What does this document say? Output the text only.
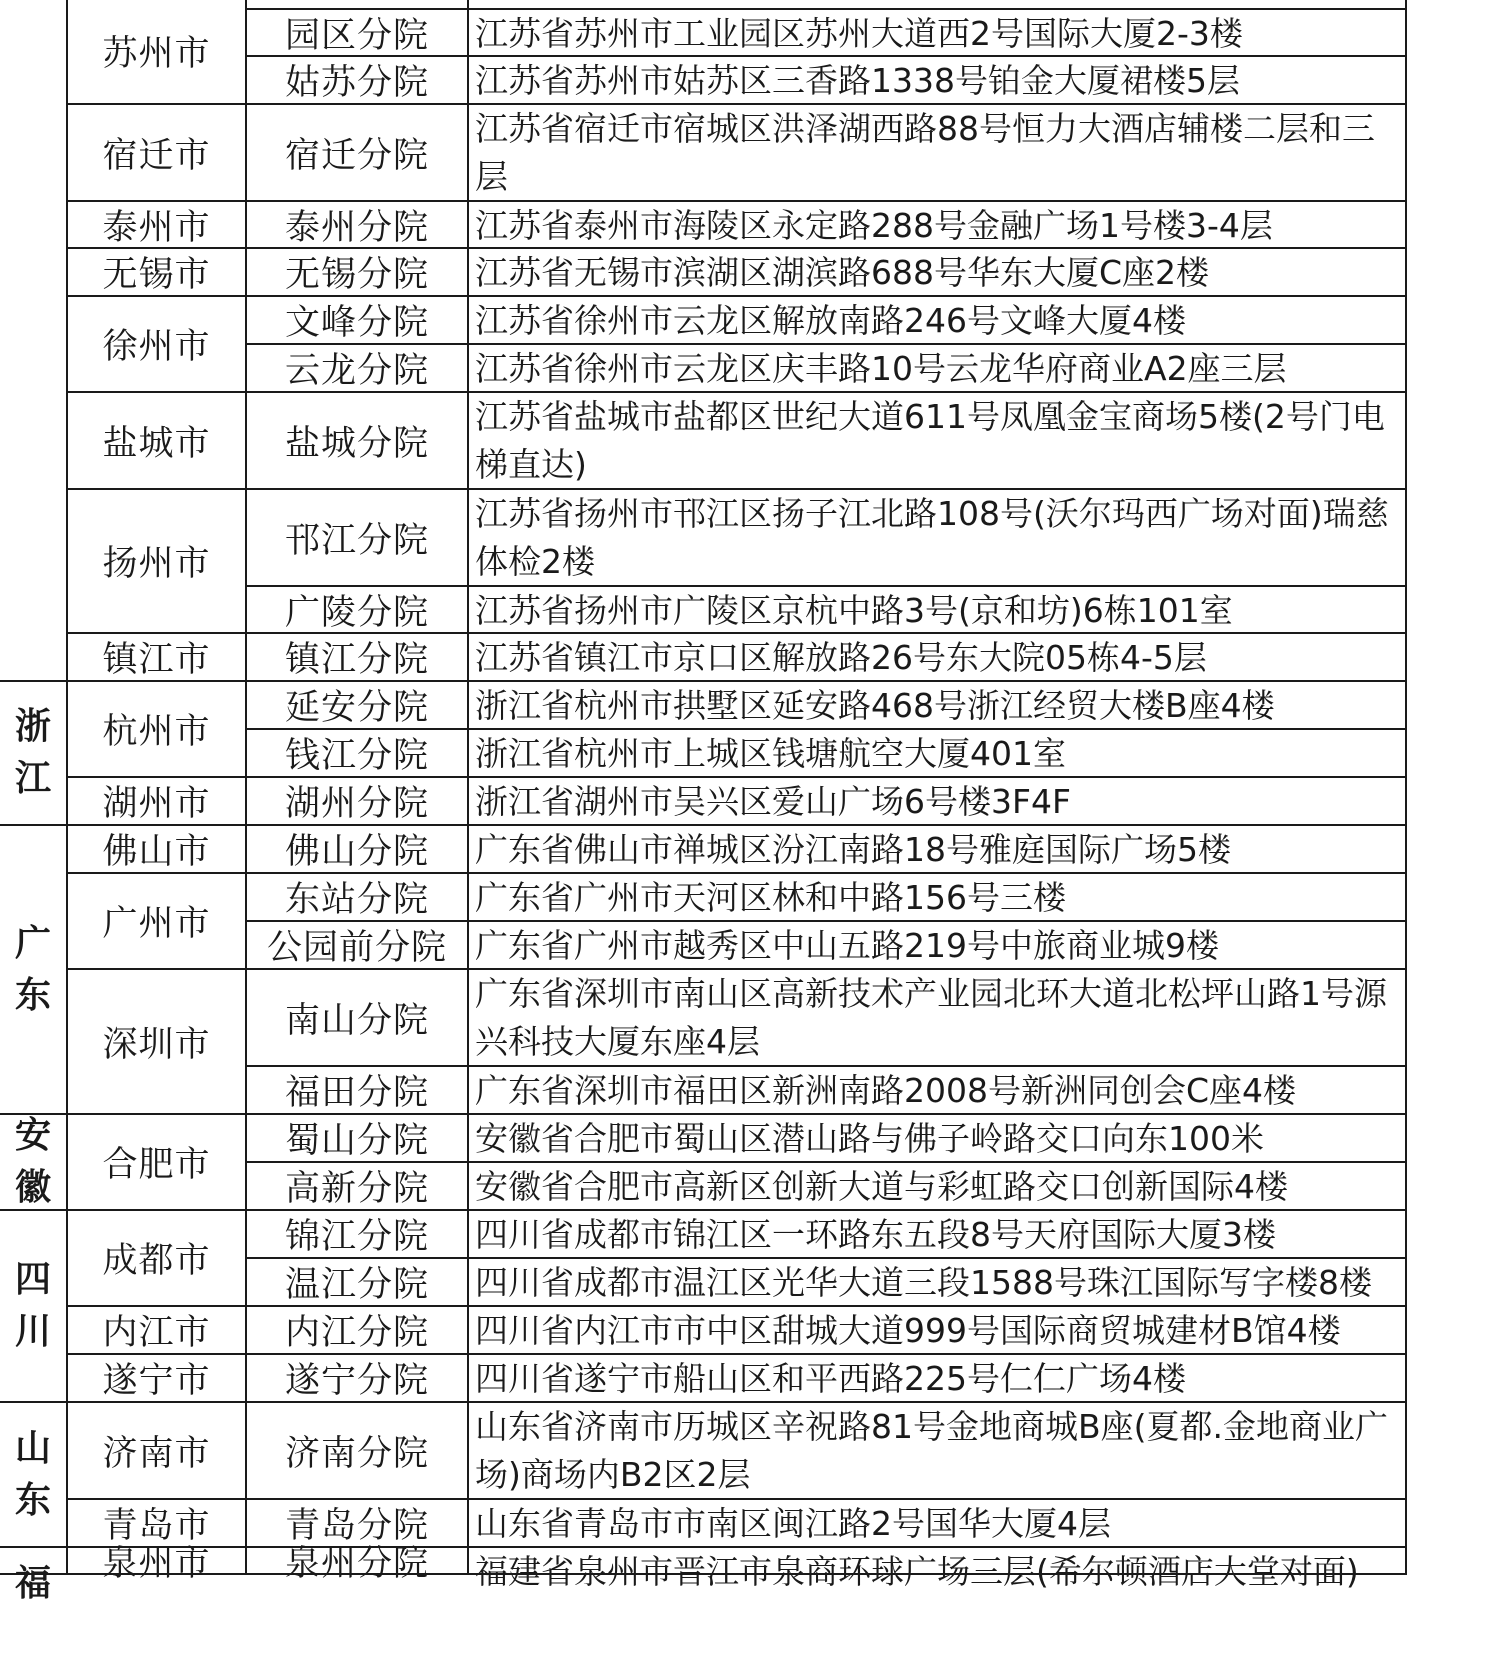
园区分院 江苏省苏州市工业园区苏州大道西2号国际大厦2-3楼
姑苏分院 江苏省苏州市姑苏区三香路1338号铂金大厦裙楼5层
宿迁分院
江苏省宿迁市宿城区洪泽湖西路88号恒力大酒店辅楼二层和三层
泰州分院 江苏省泰州市海陵区永定路288号金融广场1号楼3-4层
无锡分院 江苏省无锡市滨湖区湖滨路688号华东大厦C座2楼
文峰分院 江苏省徐州市云龙区解放南路246号文峰大厦4楼
云龙分院 江苏省徐州市云龙区庆丰路10号云龙华府商业A2座三层
盐城分院
江苏省盐城市盐都区世纪大道611号凤凰金宝商场5楼(2号门电梯直达)
邗江分院
江苏省扬州市邗江区扬子江北路108号(沃尔玛西广场对面)瑞慈体检2楼
广陵分院 江苏省扬州市广陵区京杭中路3号(京和坊)6栋101室
镇江分院 江苏省镇江市京口区解放路26号东大院05栋4-5层
延安分院 浙江省杭州市拱墅区延安路468号浙江经贸大楼B座4楼
钱江分院 浙江省杭州市上城区钱塘航空大厦401室
湖州分院 浙江省湖州市吴兴区爱山广场6号楼3F4F
佛山分院 广东省佛山市禅城区汾江南路18号雅庭国际广场5楼
东站分院 广东省广州市天河区林和中路156号三楼
公园前分院 广东省广州市越秀区中山五路219号中旅商业城9楼
南山分院
广东省深圳市南山区高新技术产业园北环大道北松坪山路1号源兴科技大厦东座4层
福田分院 广东省深圳市福田区新洲南路2008号新洲同创会C座4楼
蜀山分院 安徽省合肥市蜀山区潜山路与佛子岭路交口向东100米
高新分院 安徽省合肥市高新区创新大道与彩虹路交口创新国际4楼
锦江分院 四川省成都市锦江区一环路东五段8号天府国际大厦3楼
温江分院 四川省成都市温江区光华大道三段1588号珠江国际写字楼8楼
内江分院 四川省内江市市中区甜城大道999号国际商贸城建材B馆4楼
遂宁分院 四川省遂宁市船山区和平西路225号仁仁广场4楼
济南分院
山东省济南市历城区辛祝路81号金地商城B座(夏都.金地商业广场)商场内B2区2层
青岛分院 山东省青岛市市南区闽江路2号国华大厦4层
泉州分院 福建省泉州市晋江市泉商环球广场三层(希尔顿酒店大堂对面)
苏州市
宿迁市
泰州市
无锡市
徐州市
盐城市
扬州市
镇江市
杭州市
湖州市
佛山市
广州市
深圳市
合肥市
成都市
内江市
遂宁市
济南市
青岛市
泉州市
浙
江
广
东
安
徽
四
川
山
东
福
